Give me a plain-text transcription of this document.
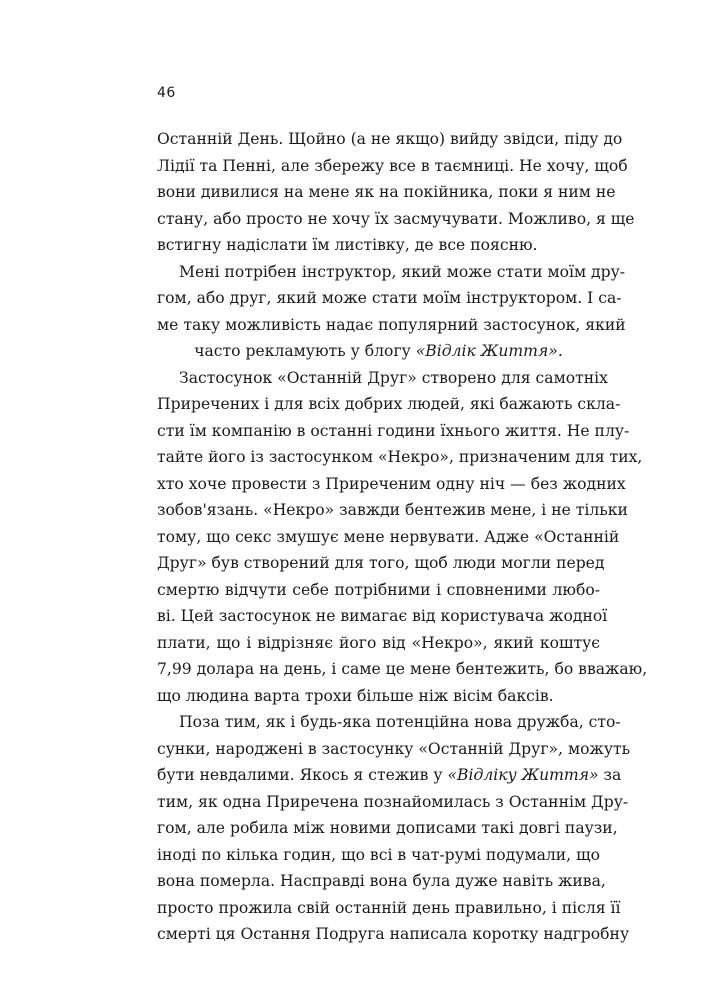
46
Останній День. Щойно (а не якщо) вийду звідси, піду до
Лідії та Пенні, але збережу все в таємниці. Не хочу, щоб
вони дивилися на мене як на покійника, поки я ним не
стану, або просто не хочу їх засмучувати. Можливо, я ще
встигну надіслати їм листівку, де все поясню.
Мені потрібен інструктор, який може стати моїм дру-
гом, або друг, який може стати моїм інструктором. І са-
ме таку можливість надає популярний застосунок, який
часто рекламують у блогу «Відлік Життя».
Застосунок «Останній Друг» створено для самотніх
Приречених і для всіх добрих людей, які бажають скла-
сти їм компанію в останні години їхнього життя. Не плу-
тайте його із застосунком «Некро», призначеним для тих,
хто хоче провести з Приреченим одну ніч — без жодних
зобов'язань. «Некро» завжди бентежив мене, і не тільки
тому, що секс змушує мене нервувати. Адже «Останній
Друг» був створений для того, щоб люди могли перед
смертю відчути себе потрібними і сповненими любо-
ві. Цей застосунок не вимагає від користувача жодної
плати, що і відрізняє його від «Некро», який коштує
7,99 долара на день, і саме це мене бентежить, бо вважаю,
що людина варта трохи більше ніж вісім баксів.
Поза тим, як і будь-яка потенційна нова дружба, сто-
сунки, народжені в застосунку «Останній Друг», можуть
бути невдалими. Якось я стежив у «Відліку Життя» за
тим, як одна Приречена познайомилась з Останнім Дру-
гом, але робила між новими дописами такі довгі паузи,
іноді по кілька годин, що всі в чат-румі подумали, що
вона померла. Насправді вона була дуже навіть жива,
просто прожила свій останній день правильно, і після її
смерті ця Остання Подруга написала коротку надгробну
